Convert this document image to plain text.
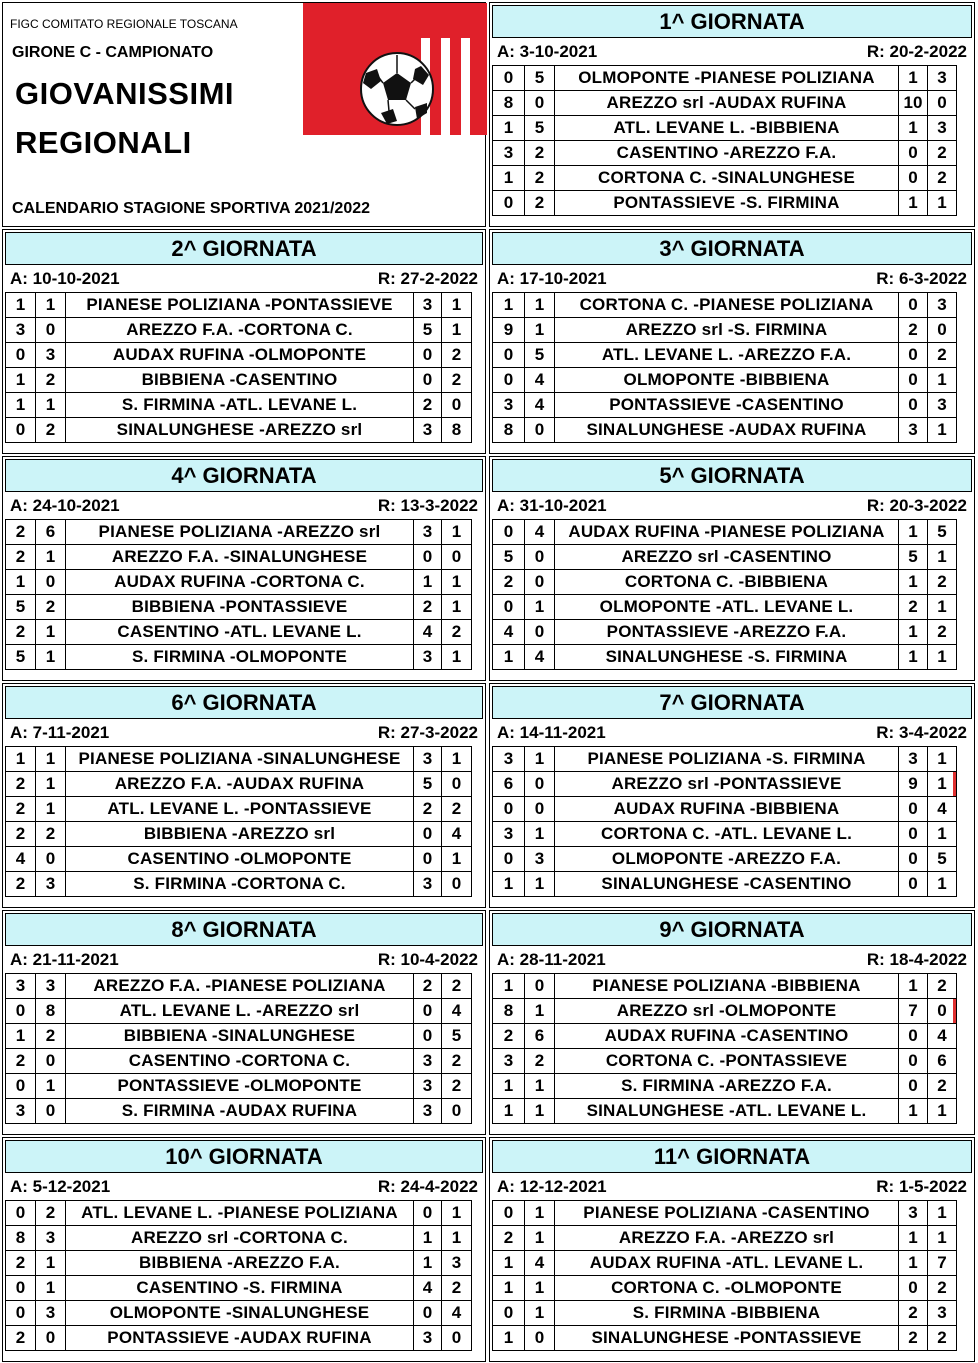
FIGC COMITATO REGIONALE TOSCANA
GIRONE C - CAMPIONATO
GIOVANISSIMI
REGIONALI
CALENDARIO STAGIONE SPORTIVA 2021/2022
1^ GIORNATA
A: 3-10-2021	R: 20-2-2022
0	5	OLMOPONTE -PIANESE POLIZIANA	1	3
8	0	AREZZO srl -AUDAX RUFINA	10	0
1	5	ATL. LEVANE L. -BIBBIENA	1	3
3	2	CASENTINO -AREZZO F.A.	0	2
1	2	CORTONA C. -SINALUNGHESE	0	2
0	2	PONTASSIEVE -S. FIRMINA	1	1
2^ GIORNATA
A: 10-10-2021	R: 27-2-2022
1	1	PIANESE POLIZIANA -PONTASSIEVE	3	1
3	0	AREZZO F.A. -CORTONA C.	5	1
0	3	AUDAX RUFINA -OLMOPONTE	0	2
1	2	BIBBIENA -CASENTINO	0	2
1	1	S. FIRMINA -ATL. LEVANE L.	2	0
0	2	SINALUNGHESE -AREZZO srl	3	8
3^ GIORNATA
A: 17-10-2021	R: 6-3-2022
1	1	CORTONA C. -PIANESE POLIZIANA	0	3
9	1	AREZZO srl -S. FIRMINA	2	0
0	5	ATL. LEVANE L. -AREZZO F.A.	0	2
0	4	OLMOPONTE -BIBBIENA	0	1
3	4	PONTASSIEVE -CASENTINO	0	3
8	0	SINALUNGHESE -AUDAX RUFINA	3	1
4^ GIORNATA
A: 24-10-2021	R: 13-3-2022
2	6	PIANESE POLIZIANA -AREZZO srl	3	1
2	1	AREZZO F.A. -SINALUNGHESE	0	0
1	0	AUDAX RUFINA -CORTONA C.	1	1
5	2	BIBBIENA -PONTASSIEVE	2	1
2	1	CASENTINO -ATL. LEVANE L.	4	2
5	1	S. FIRMINA -OLMOPONTE	3	1
5^ GIORNATA
A: 31-10-2021	R: 20-3-2022
0	4	AUDAX RUFINA -PIANESE POLIZIANA	1	5
5	0	AREZZO srl -CASENTINO	5	1
2	0	CORTONA C. -BIBBIENA	1	2
0	1	OLMOPONTE -ATL. LEVANE L.	2	1
4	0	PONTASSIEVE -AREZZO F.A.	1	2
1	4	SINALUNGHESE -S. FIRMINA	1	1
6^ GIORNATA
A: 7-11-2021	R: 27-3-2022
1	1	PIANESE POLIZIANA -SINALUNGHESE	3	1
2	1	AREZZO F.A. -AUDAX RUFINA	5	0
2	1	ATL. LEVANE L. -PONTASSIEVE	2	2
2	2	BIBBIENA -AREZZO srl	0	4
4	0	CASENTINO -OLMOPONTE	0	1
2	3	S. FIRMINA -CORTONA C.	3	0
7^ GIORNATA
A: 14-11-2021	R: 3-4-2022
3	1	PIANESE POLIZIANA -S. FIRMINA	3	1
6	0	AREZZO srl -PONTASSIEVE	9	1
0	0	AUDAX RUFINA -BIBBIENA	0	4
3	1	CORTONA C. -ATL. LEVANE L.	0	1
0	3	OLMOPONTE -AREZZO F.A.	0	5
1	1	SINALUNGHESE -CASENTINO	0	1
8^ GIORNATA
A: 21-11-2021	R: 10-4-2022
3	3	AREZZO F.A. -PIANESE POLIZIANA	2	2
0	8	ATL. LEVANE L. -AREZZO srl	0	4
1	2	BIBBIENA -SINALUNGHESE	0	5
2	0	CASENTINO -CORTONA C.	3	2
0	1	PONTASSIEVE -OLMOPONTE	3	2
3	0	S. FIRMINA -AUDAX RUFINA	3	0
9^ GIORNATA
A: 28-11-2021	R: 18-4-2022
1	0	PIANESE POLIZIANA -BIBBIENA	1	2
8	1	AREZZO srl -OLMOPONTE	7	0
2	6	AUDAX RUFINA -CASENTINO	0	4
3	2	CORTONA C. -PONTASSIEVE	0	6
1	1	S. FIRMINA -AREZZO F.A.	0	2
1	1	SINALUNGHESE -ATL. LEVANE L.	1	1
10^ GIORNATA
A: 5-12-2021	R: 24-4-2022
0	2	ATL. LEVANE L. -PIANESE POLIZIANA	0	1
8	3	AREZZO srl -CORTONA C.	1	1
2	1	BIBBIENA -AREZZO F.A.	1	3
0	1	CASENTINO -S. FIRMINA	4	2
0	3	OLMOPONTE -SINALUNGHESE	0	4
2	0	PONTASSIEVE -AUDAX RUFINA	3	0
11^ GIORNATA
A: 12-12-2021	R: 1-5-2022
0	1	PIANESE POLIZIANA -CASENTINO	3	1
2	1	AREZZO F.A. -AREZZO srl	1	1
1	4	AUDAX RUFINA -ATL. LEVANE L.	1	7
1	1	CORTONA C. -OLMOPONTE	0	2
0	1	S. FIRMINA -BIBBIENA	2	3
1	0	SINALUNGHESE -PONTASSIEVE	2	2
